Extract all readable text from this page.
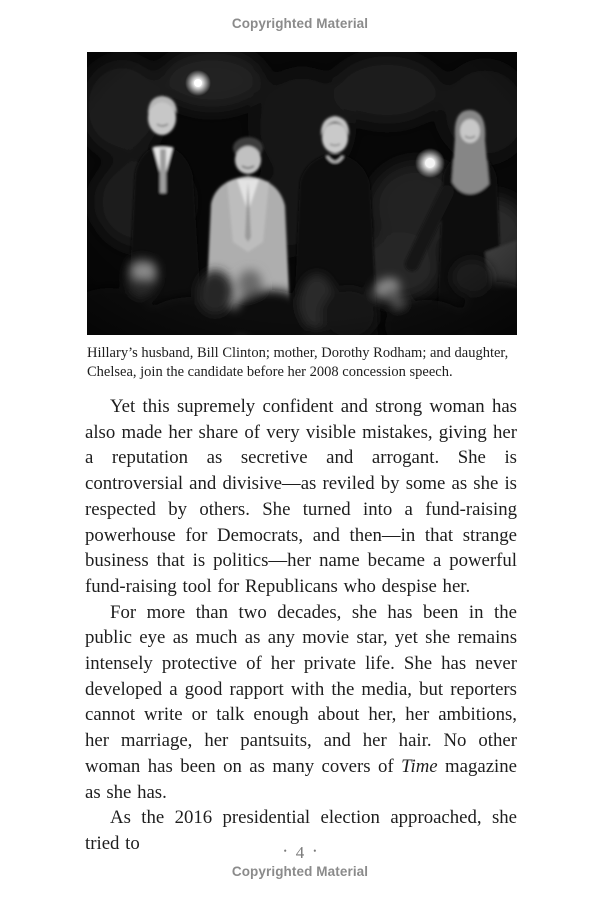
Copyrighted Material
Hillary’s husband, Bill Clinton; mother, Dorothy Rodham; and daughter, Chelsea, join the candidate before her 2008 concession speech.

Yet this supremely confident and strong woman has also made her share of very visible mistakes, giving her a reputation as secretive and arrogant. She is controversial and divisive—as reviled by some as she is respected by others. She turned into a fund-raising powerhouse for Democrats, and then—in that strange business that is politics—her name became a powerful fund-raising tool for Republicans who despise her.

For more than two decades, she has been in the public eye as much as any movie star, yet she remains intensely protective of her private life. She has never developed a good rapport with the media, but reporters cannot write or talk enough about her, her ambitions, her marriage, her pantsuits, and her hair. No other woman has been on as many covers of Time magazine as she has.

As the 2016 presidential election approached, she tried to	• 4 •
Copyrighted Material
